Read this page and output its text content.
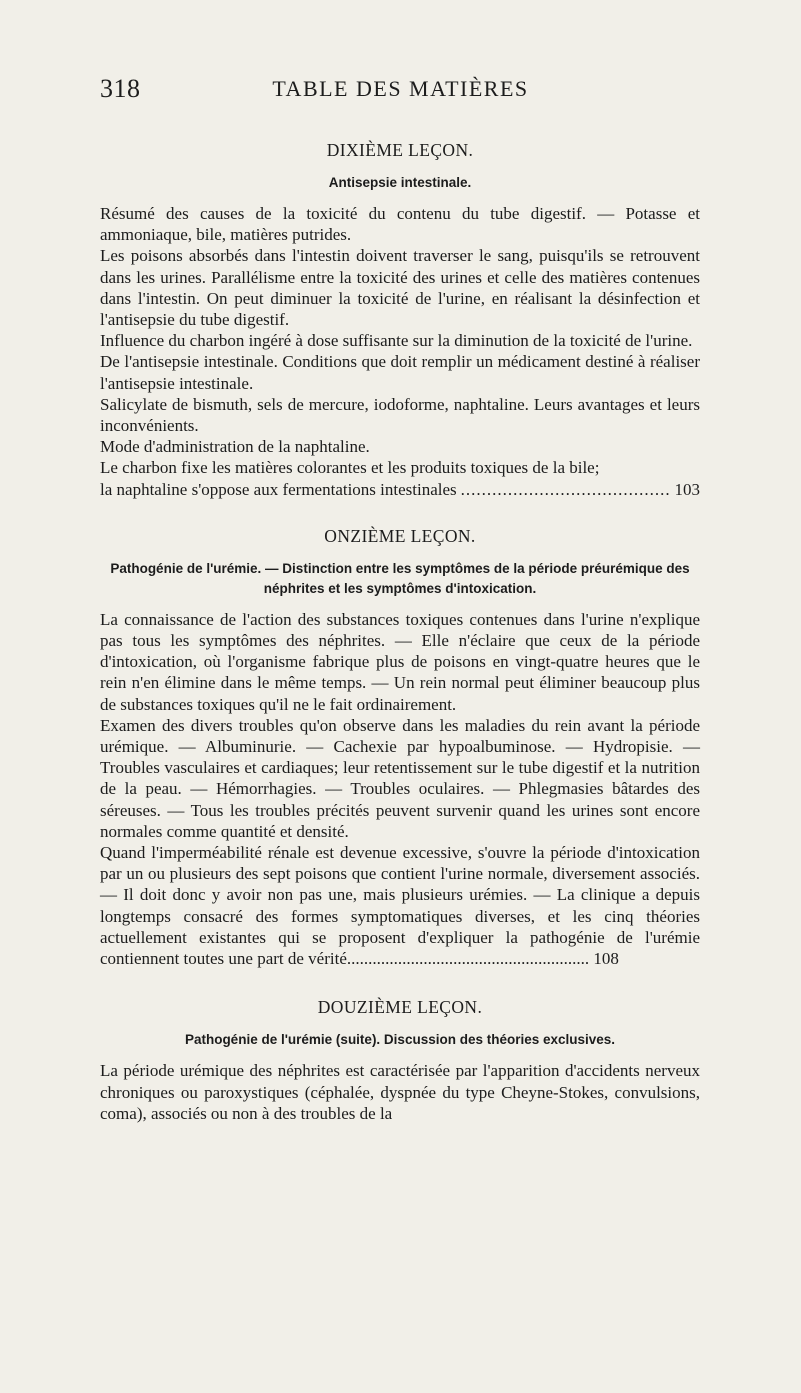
318	TABLE DES MATIÈRES
DIXIÈME LEÇON.
Antisepsie intestinale.

Résumé des causes de la toxicité du contenu du tube digestif. — Potasse et ammoniaque, bile, matières putrides.

Les poisons absorbés dans l'intestin doivent traverser le sang, puisqu'ils se retrouvent dans les urines. Parallélisme entre la toxicité des urines et celle des matières contenues dans l'intestin. On peut diminuer la toxicité de l'urine, en réalisant la désinfection et l'antisepsie du tube digestif.

Influence du charbon ingéré à dose suffisante sur la diminution de la toxicité de l'urine.

De l'antisepsie intestinale. Conditions que doit remplir un médicament destiné à réaliser l'antisepsie intestinale.

Salicylate de bismuth, sels de mercure, iodoforme, naphtaline. Leurs avantages et leurs inconvénients.

Mode d'administration de la naphtaline.

Le charbon fixe les matières colorantes et les produits toxiques de la bile;

la naphtaline s'oppose aux fermentations intestinales
.....	103
ONZIÈME LEÇON.
Pathogénie de l'urémie. — Distinction entre les symptômes de la période préurémique des néphrites et les symptômes d'intoxication.

La connaissance de l'action des substances toxiques contenues dans l'urine n'explique pas tous les symptômes des néphrites. — Elle n'éclaire que ceux de la période d'intoxication, où l'organisme fabrique plus de poisons en vingt-quatre heures que le rein n'en élimine dans le même temps. — Un rein normal peut éliminer beaucoup plus de substances toxiques qu'il ne le fait ordinairement.

Examen des divers troubles qu'on observe dans les maladies du rein avant la période urémique. — Albuminurie. — Cachexie par hypoalbuminose. — Hydropisie. — Troubles vasculaires et cardiaques; leur retentissement sur le tube digestif et la nutrition de la peau. — Hémorrhagies. — Troubles oculaires. — Phlegmasies bâtardes des séreuses. — Tous les troubles précités peuvent survenir quand les urines sont encore normales comme quantité et densité.

Quand l'imperméabilité rénale est devenue excessive, s'ouvre la période d'intoxication par un ou plusieurs des sept poisons que contient l'urine normale, diversement associés. — Il doit donc y avoir non pas une, mais plusieurs urémies. — La clinique a depuis longtemps consacré des formes symptomatiques diverses, et les cinq théories actuellement existantes qui se proposent d'expliquer la pathogénie de l'urémie contiennent toutes une part de vérité......................................................... 108

DOUZIÈME LEÇON.
Pathogénie de l'urémie (suite). Discussion des théories exclusives.

La période urémique des néphrites est caractérisée par l'apparition d'accidents nerveux chroniques ou paroxystiques (céphalée, dyspnée du type Cheyne-Stokes, convulsions, coma), associés ou non à des troubles de la
